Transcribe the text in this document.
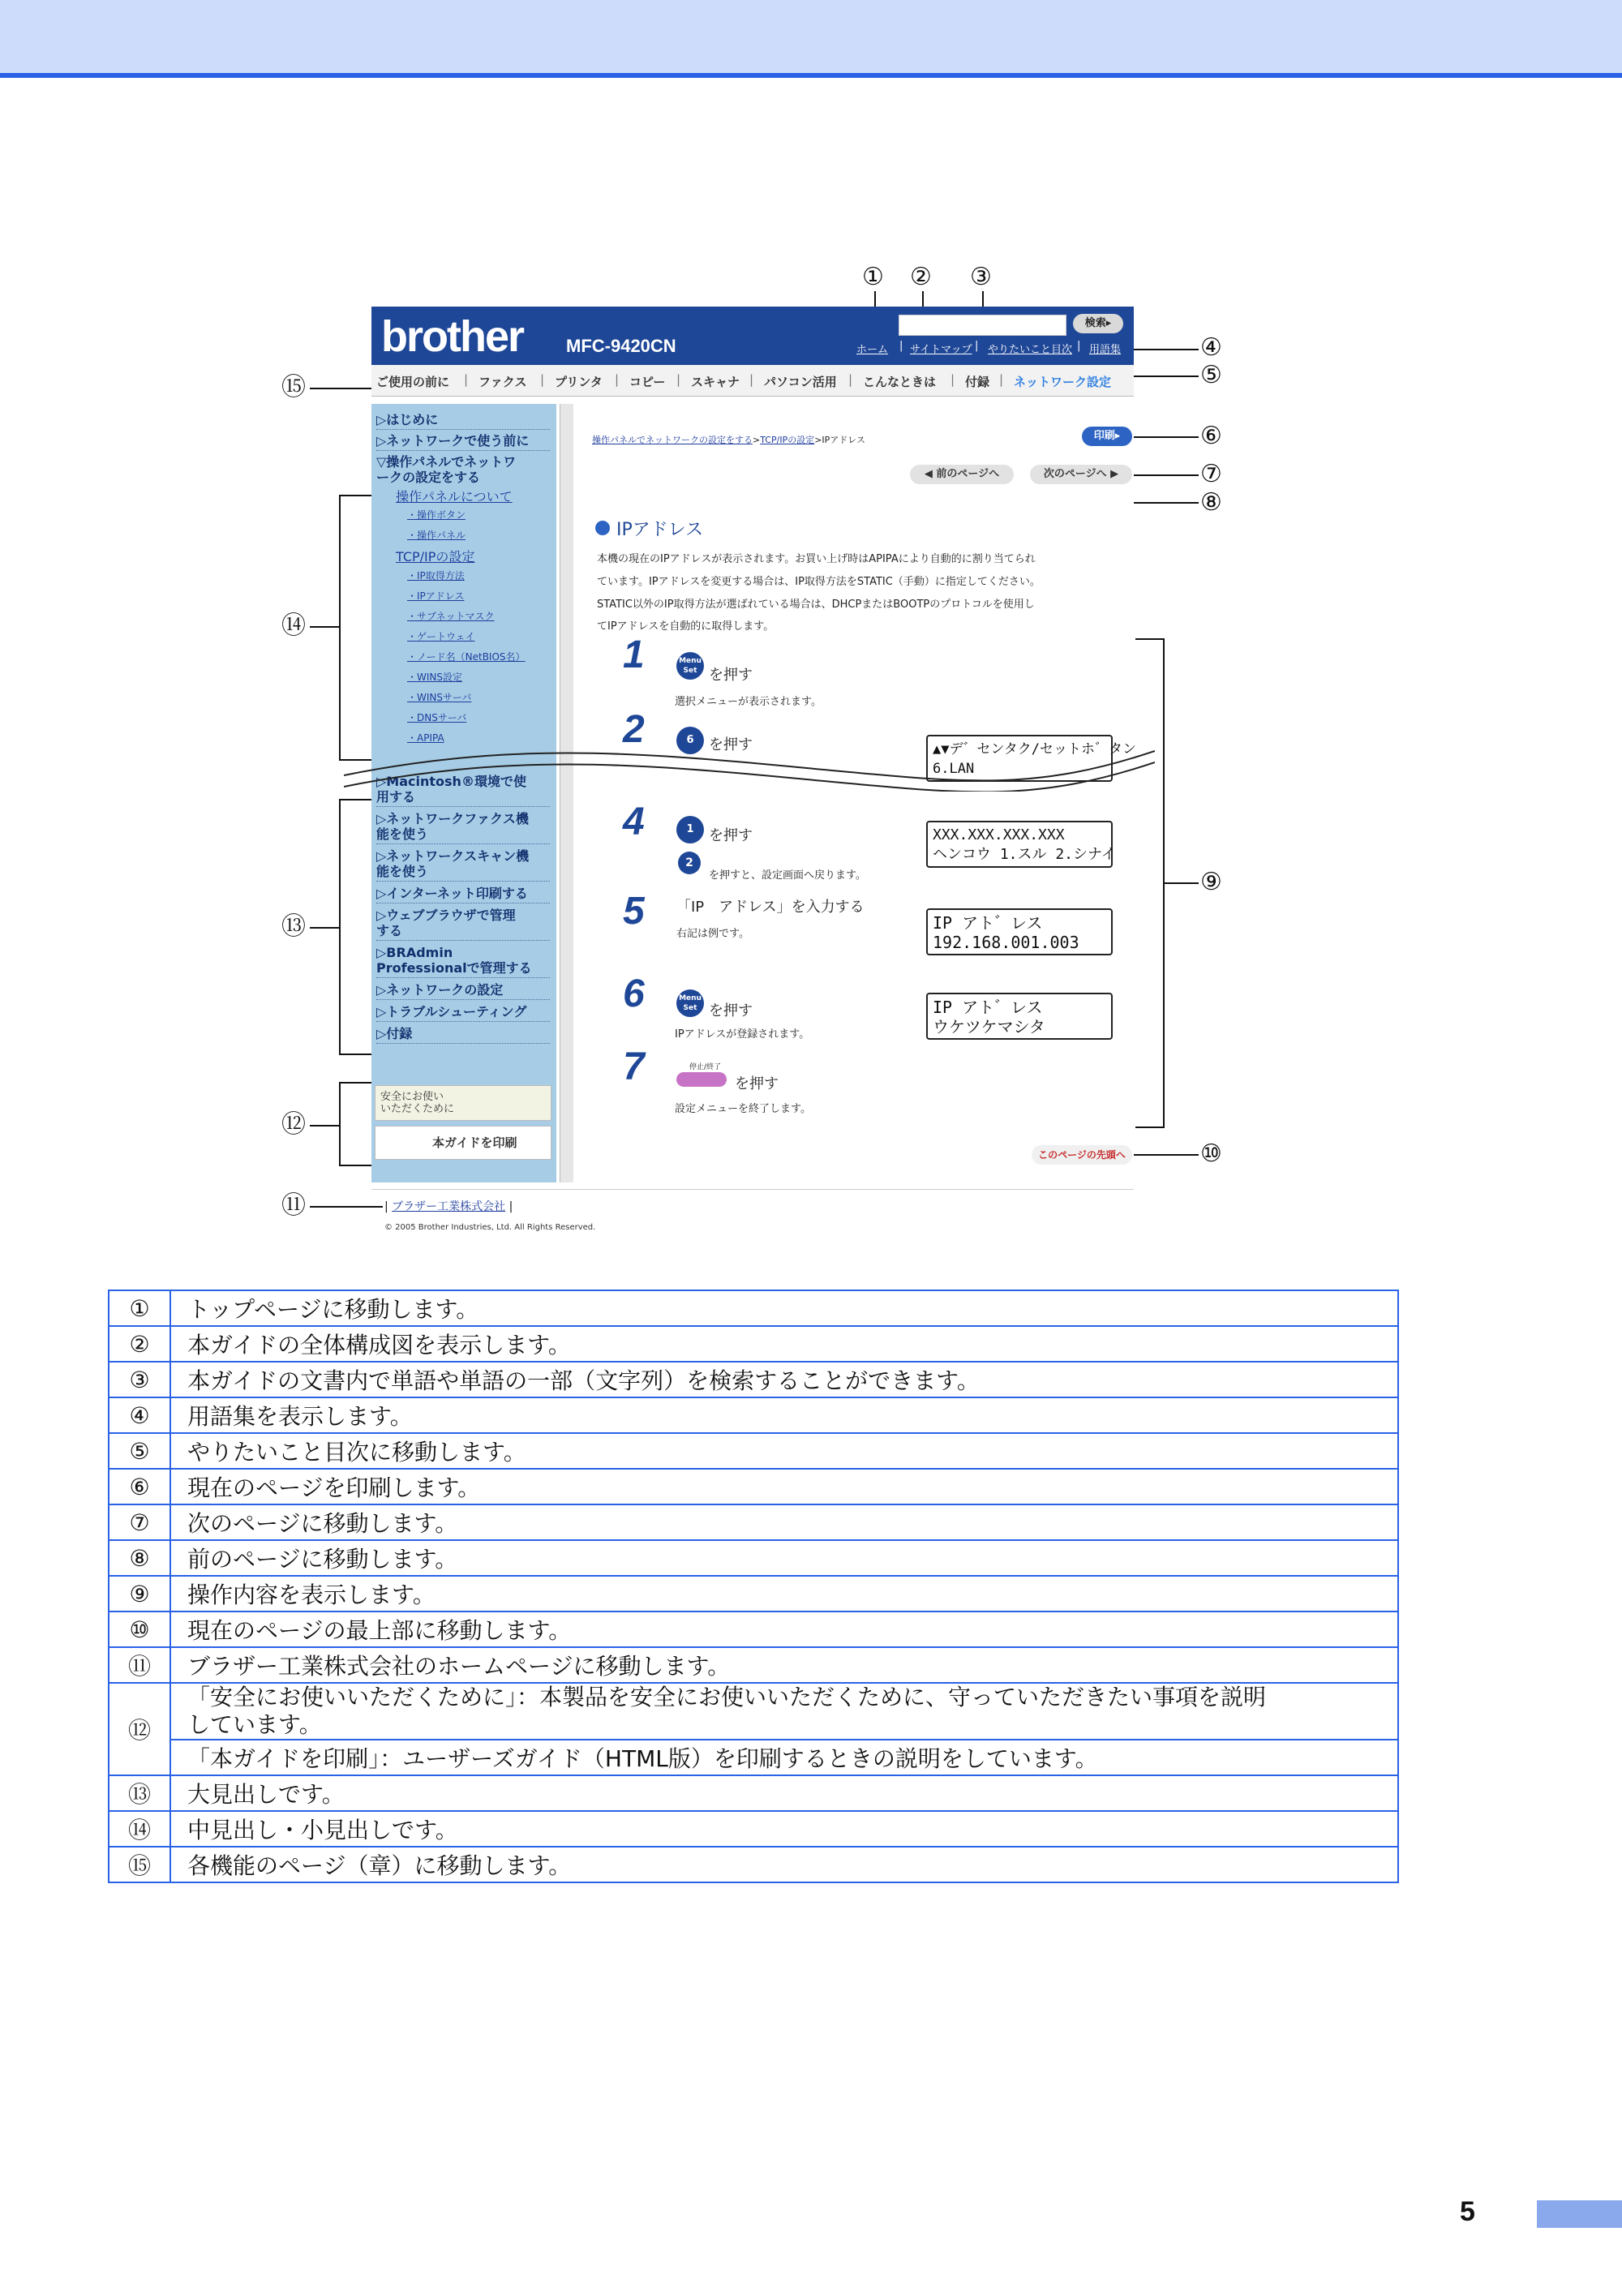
① ② ③
④
⑤
⑥
⑦
⑧
⑨
⑩
⑪
⑫
⑬
⑭
⑮
brother MFC-9420CN
検索▸
ホーム | サイトマップ | やりたいこと目次 | 用語集
ご使用の前に | ファクス | プリンタ | コピー | スキャナ | パソコン活用 | こんなときは | 付録 | ネットワーク設定
▷はじめに
▷ネットワークで使う前に
▽操作パネルでネットワ
ークの設定をする
操作パネルについて
・操作ボタン
・操作パネル
TCP/IPの設定
・IP取得方法
・IPアドレス
・サブネットマスク
・ゲートウェイ
・ノード名（NetBIOS名）
・WINS設定
・WINSサーバ
・DNSサーバ
・APIPA
▷Macintosh®環境で使
用する
▷ネットワークファクス機
能を使う
▷ネットワークスキャン機
能を使う
▷インターネット印刷する
▷ウェブブラウザで管理
する
▷BRAdmin
Professionalで管理する
▷ネットワークの設定
▷トラブルシューティング
▷付録
安全にお使い
いただくために
本ガイドを印刷
操作パネルでネットワークの設定をする>TCP/IPの設定>IPアドレス	印刷▸
◀ 前のページへ	次のページへ ▶
IPアドレス
本機の現在のIPアドレスが表示されます。お買い上げ時はAPIPAにより自動的に割り当てられ
ています。IPアドレスを変更する場合は、IP取得方法をSTATIC（手動）に指定してください。
STATIC以外のIP取得方法が選ばれている場合は、DHCPまたはBOOTPのプロトコルを使用し
てIPアドレスを自動的に取得します。
1	Menu Set を押す
選択メニューが表示されます。
2	6	を押す	▲▼デ゛センタク/セットホ゛タン
6.LAN
4	1	を押す
2
を押すと、設定画面へ戻ります。
XXX.XXX.XXX.XXX
ヘンコウ 1.スル 2.シナイ
5 「IP　アドレス」を入力する
右記は例です。
IP アト゛レス
192.168.001.003
6	Menu Set を押す
IPアドレスが登録されます。
IP アト゛レス
ウケツケマシタ
7	停止/終了
を押す
設定メニューを終了します。
このページの先頭へ
| ブラザー工業株式会社 |
© 2005 Brother Industries, Ltd. All Rights Reserved.
①	トップページに移動します。
②	本ガイドの全体構成図を表示します。
③	本ガイドの文書内で単語や単語の一部（文字列）を検索することができます。
④	用語集を表示します。
⑤	やりたいこと目次に移動します。
⑥	現在のページを印刷します。
⑦	次のページに移動します。
⑧	前のページに移動します。
⑨	操作内容を表示します。
⑩	現在のページの最上部に移動します。
⑪	ブラザー工業株式会社のホームページに移動します。
⑫	「安全にお使いいただくために」：本製品を安全にお使いいただくために、守っていただきたい事項を説明
しています。
	「本ガイドを印刷」：ユーザーズガイド（HTML版）を印刷するときの説明をしています。
⑬	大見出しです。
⑭	中見出し・小見出しです。
⑮	各機能のページ（章）に移動します。
5
